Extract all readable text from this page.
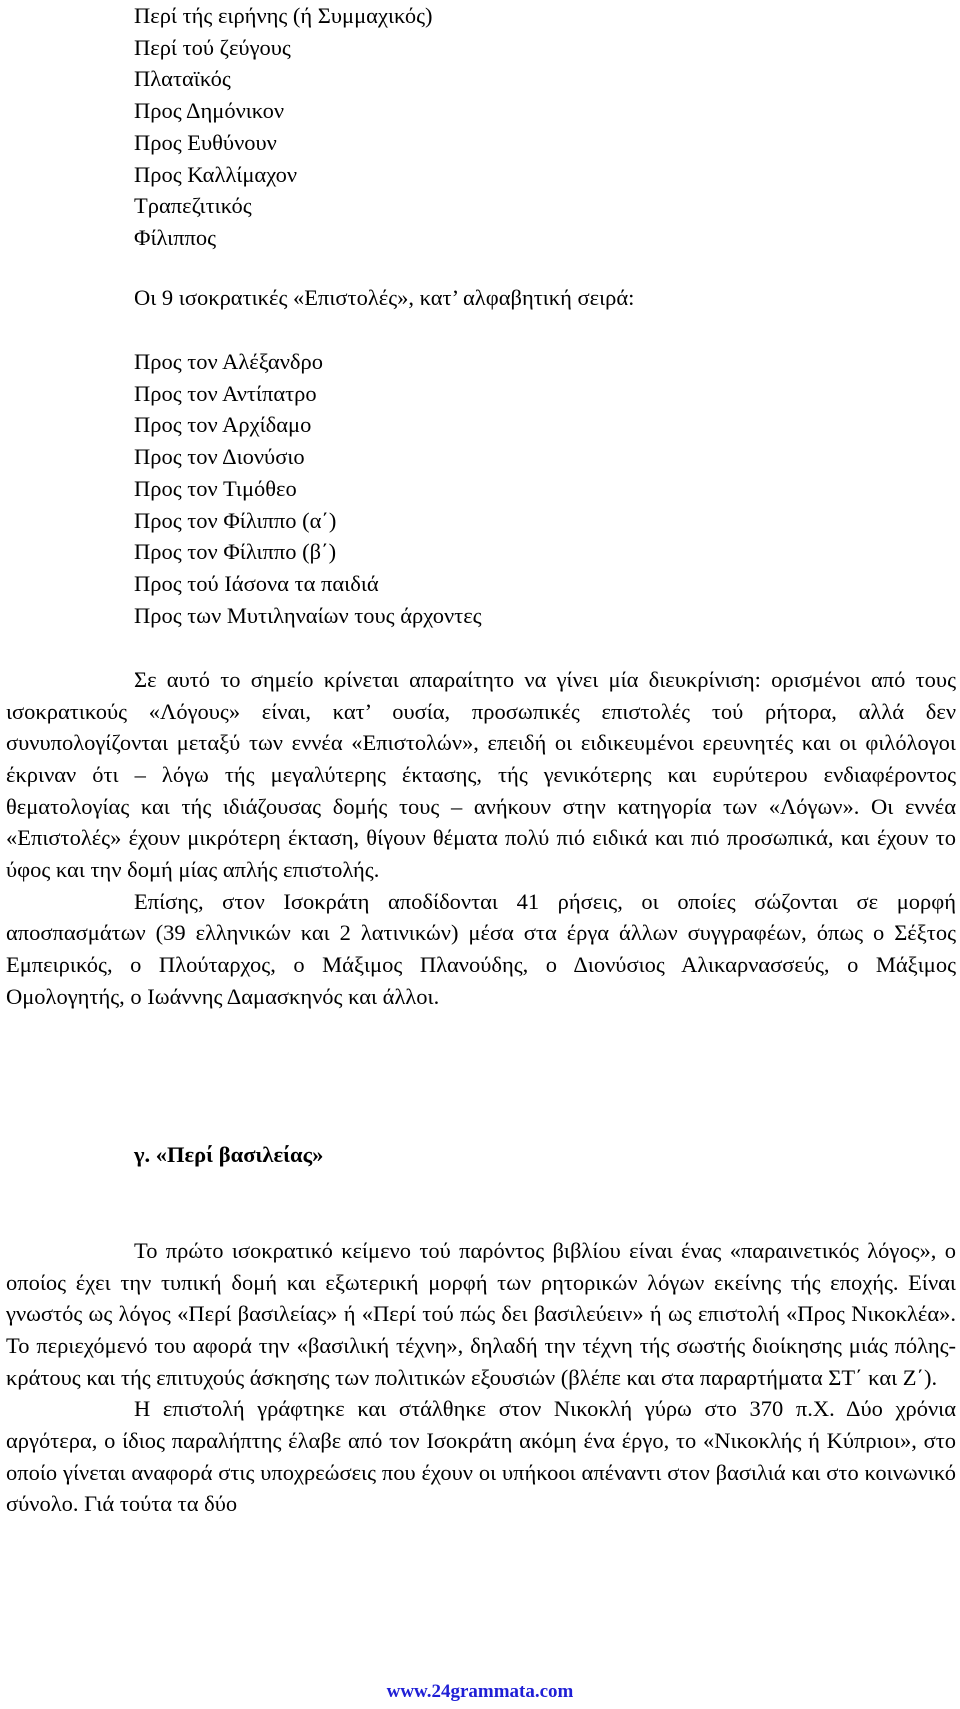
Περί τής ειρήνης (ή Συμμαχικός)
Περί τού ζεύγους
Πλαταϊκός
Προς Δημόνικον
Προς Ευθύνουν
Προς Καλλίμαχον
Τραπεζιτικός
Φίλιππος
Οι 9 ισοκρατικές «Επιστολές», κατ’ αλφαβητική σειρά:
Προς τον Αλέξανδρο
Προς τον Αντίπατρο
Προς τον Αρχίδαμο
Προς τον Διονύσιο
Προς τον Τιμόθεο
Προς τον Φίλιππο (α΄)
Προς τον Φίλιππο (β΄)
Προς τού Ιάσονα τα παιδιά
Προς των Μυτιληναίων τους άρχοντες

Σε αυτό το σημείο κρίνεται απαραίτητο να γίνει μία διευκρίνιση: ορισμένοι από τους ισοκρατικούς «Λόγους» είναι, κατ’ ουσία, προσωπικές επιστολές τού ρήτορα, αλλά δεν συνυπολογίζονται μεταξύ των εννέα «Επιστολών», επειδή οι ειδικευμένοι ερευνητές και οι φιλόλογοι έκριναν ότι – λόγω τής μεγαλύτερης έκτασης, τής γενικότερης και ευρύτερου ενδιαφέροντος θεματολογίας και τής ιδιάζουσας δομής τους – ανήκουν στην κατηγορία των «Λόγων». Οι εννέα «Επιστολές» έχουν μικρότερη έκταση, θίγουν θέματα πολύ πιό ειδικά και πιό προσωπικά, και έχουν το ύφος και την δομή μίας απλής επιστολής.

Επίσης, στον Ισοκράτη αποδίδονται 41 ρήσεις, οι οποίες σώζονται σε μορφή αποσπασμάτων (39 ελληνικών και 2 λατινικών) μέσα στα έργα άλλων συγγραφέων, όπως ο Σέξτος Εμπειρικός, ο Πλούταρχος, ο Μάξιμος Πλανούδης, ο Διονύσιος Αλικαρνασσεύς, ο Μάξιμος Ομολογητής, ο Ιωάννης Δαμασκηνός και άλλοι.

γ. «Περί βασιλείας»

Το πρώτο ισοκρατικό κείμενο τού παρόντος βιβλίου είναι ένας «παραινετικός λόγος», ο οποίος έχει την τυπική δομή και εξωτερική μορφή των ρητορικών λόγων εκείνης τής εποχής. Είναι γνωστός ως λόγος «Περί βασιλείας» ή «Περί τού πώς δει βασιλεύειν» ή ως επιστολή «Προς Νικοκλέα». Το περιεχόμενό του αφορά την «βασιλική τέχνη», δηλαδή την τέχνη τής σωστής διοίκησης μιάς πόλης-κράτους και τής επιτυχούς άσκησης των πολιτικών εξουσιών (βλέπε και στα παραρτήματα ΣΤ΄ και Ζ΄).

Η επιστολή γράφτηκε και στάλθηκε στον Νικοκλή γύρω στο 370 π.Χ. Δύο χρόνια αργότερα, ο ίδιος παραλήπτης έλαβε από τον Ισοκράτη ακόμη ένα έργο, το «Νικοκλής ή Κύπριοι», στο οποίο γίνεται αναφορά στις υποχρεώσεις που έχουν οι υπήκοοι απέναντι στον βασιλιά και στο κοινωνικό σύνολο. Γιά τούτα τα δύο

www.24grammata.com
